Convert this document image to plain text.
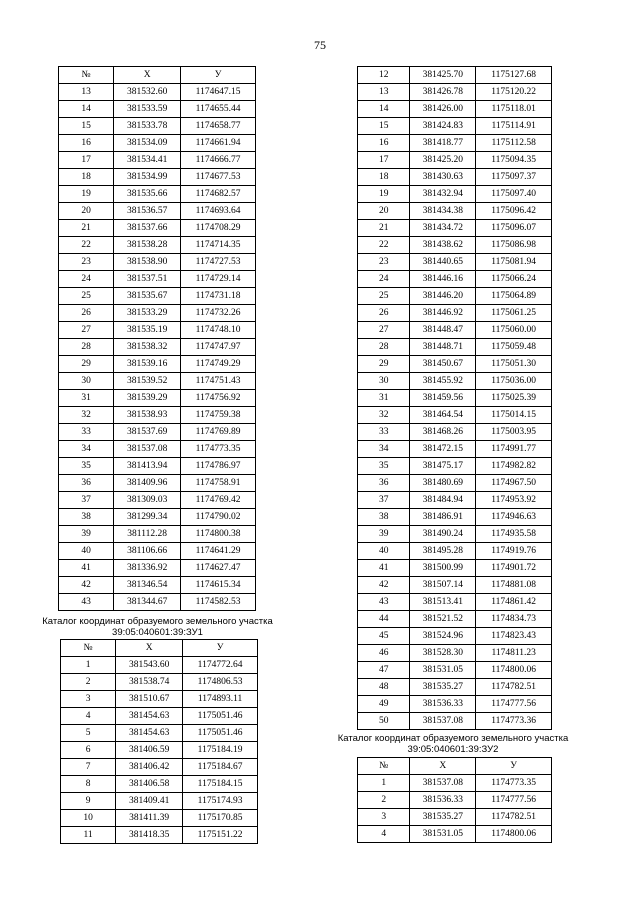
75
№	Х	У
13	381532.60	1174647.15
14	381533.59	1174655.44
15	381533.78	1174658.77
16	381534.09	1174661.94
17	381534.41	1174666.77
18	381534.99	1174677.53
19	381535.66	1174682.57
20	381536.57	1174693.64
21	381537.66	1174708.29
22	381538.28	1174714.35
23	381538.90	1174727.53
24	381537.51	1174729.14
25	381535.67	1174731.18
26	381533.29	1174732.26
27	381535.19	1174748.10
28	381538.32	1174747.97
29	381539.16	1174749.29
30	381539.52	1174751.43
31	381539.29	1174756.92
32	381538.93	1174759.38
33	381537.69	1174769.89
34	381537.08	1174773.35
35	381413.94	1174786.97
36	381409.96	1174758.91
37	381309.03	1174769.42
38	381299.34	1174790.02
39	381112.28	1174800.38
40	381106.66	1174641.29
41	381336.92	1174627.47
42	381346.54	1174615.34
43	381344.67	1174582.53
Каталог координат образуемого земельного участка
39:05:040601:39:ЗУ1
№	Х	У
1	381543.60	1174772.64
2	381538.74	1174806.53
3	381510.67	1174893.11
4	381454.63	1175051.46
5	381454.63	1175051.46
6	381406.59	1175184.19
7	381406.42	1175184.67
8	381406.58	1175184.15
9	381409.41	1175174.93
10	381411.39	1175170.85
11	381418.35	1175151.22
12	381425.70	1175127.68
13	381426.78	1175120.22
14	381426.00	1175118.01
15	381424.83	1175114.91
16	381418.77	1175112.58
17	381425.20	1175094.35
18	381430.63	1175097.37
19	381432.94	1175097.40
20	381434.38	1175096.42
21	381434.72	1175096.07
22	381438.62	1175086.98
23	381440.65	1175081.94
24	381446.16	1175066.24
25	381446.20	1175064.89
26	381446.92	1175061.25
27	381448.47	1175060.00
28	381448.71	1175059.48
29	381450.67	1175051.30
30	381455.92	1175036.00
31	381459.56	1175025.39
32	381464.54	1175014.15
33	381468.26	1175003.95
34	381472.15	1174991.77
35	381475.17	1174982.82
36	381480.69	1174967.50
37	381484.94	1174953.92
38	381486.91	1174946.63
39	381490.24	1174935.58
40	381495.28	1174919.76
41	381500.99	1174901.72
42	381507.14	1174881.08
43	381513.41	1174861.42
44	381521.52	1174834.73
45	381524.96	1174823.43
46	381528.30	1174811.23
47	381531.05	1174800.06
48	381535.27	1174782.51
49	381536.33	1174777.56
50	381537.08	1174773.36
Каталог координат образуемого земельного участка
39:05:040601:39:ЗУ2
№	Х	У
1	381537.08	1174773.35
2	381536.33	1174777.56
3	381535.27	1174782.51
4	381531.05	1174800.06
